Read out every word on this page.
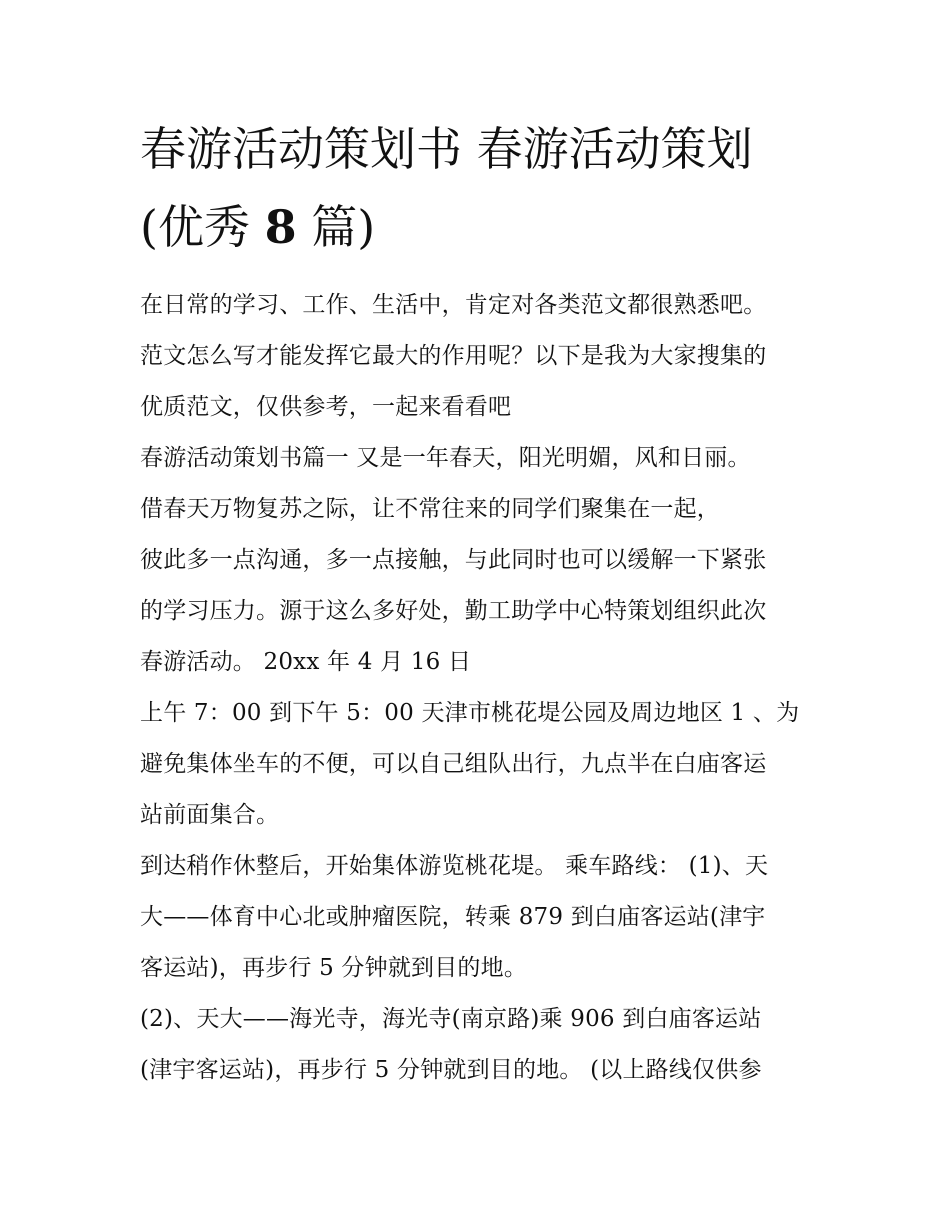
春游活动策划书 春游活动策划
(优秀 8 篇)
在日常的学习、工作、生活中，肯定对各类范文都很熟悉吧。
范文怎么写才能发挥它最大的作用呢？以下是我为大家搜集的
优质范文，仅供参考，一起来看看吧
春游活动策划书篇一 又是一年春天，阳光明媚，风和日丽。
借春天万物复苏之际，让不常往来的同学们聚集在一起，
彼此多一点沟通，多一点接触，与此同时也可以缓解一下紧张
的学习压力。源于这么多好处，勤工助学中心特策划组织此次
春游活动。 20xx 年 4 月 16 日
上午 7：00 到下午 5：00 天津市桃花堤公园及周边地区 1 、为
避免集体坐车的不便，可以自己组队出行，九点半在白庙客运
站前面集合。
到达稍作休整后，开始集体游览桃花堤。 乘车路线： (1)、天
大——体育中心北或肿瘤医院，转乘 879 到白庙客运站(津宇
客运站)，再步行 5 分钟就到目的地。
(2)、天大——海光寺，海光寺(南京路)乘 906 到白庙客运站
(津宇客运站)，再步行 5 分钟就到目的地。 (以上路线仅供参
